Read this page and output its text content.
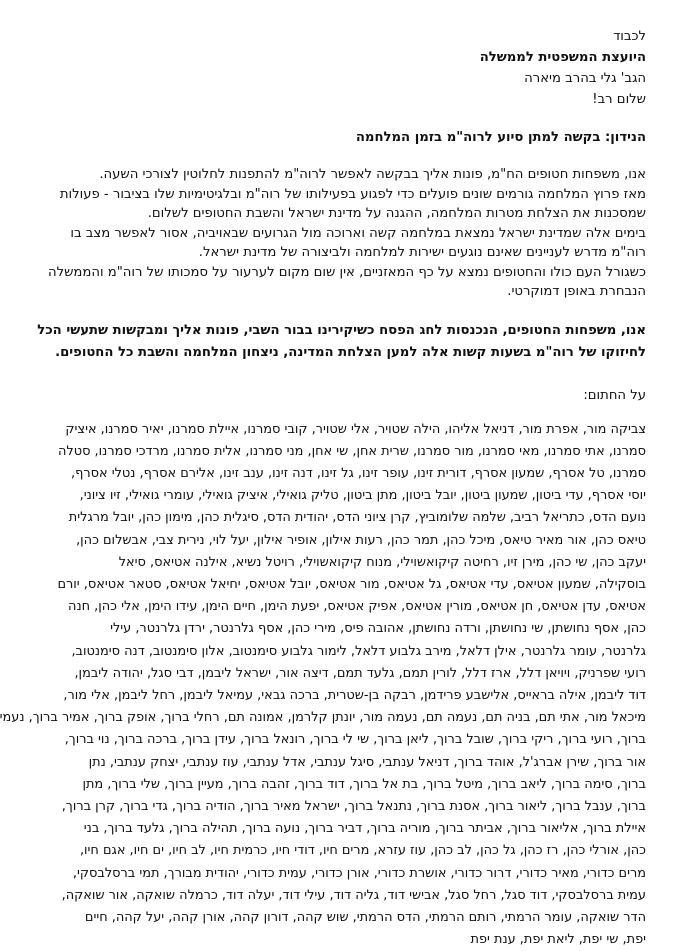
לכבוד
היועצת המשפטית לממשלה
הגב' גלי בהרב מיארה
שלום רב!
הנידון: בקשה למתן סיוע לרוה"מ בזמן המלחמה
אנו, משפחות חטופים הח"מ, פונות אליך בבקשה לאפשר לרוה"מ להתפנות לחלוטין לצורכי השעה.
מאז פרוץ המלחמה גורמים שונים פועלים כדי לפגוע בפעילותו של רוה"מ ובלגיטימיות שלו בציבור - פעולות
שמסכנות את הצלחת מטרות המלחמה, ההגנה על מדינת ישראל והשבת החטופים לשלום.
בימים אלה שמדינת ישראל נמצאת במלחמה קשה וארוכה מול הגרועים שבאויביה, אסור לאפשר מצב בו
רוה"מ מדרש לעניינים שאינם נוגעים ישירות למלחמה ולביצורה של מדינת ישראל.
כשגורל העם כולו והחטופים נמצא על כף המאזניים, אין שום מקום לערעור על סמכותו של רוה"מ והממשלה
הנבחרת באופן דמוקרטי.
אנו, משפחות החטופים, הנכנסות לחג הפסח כשיקירינו בבור השבי, פונות אליך ומבקשות שתעשי הכל
לחיזוקו של רוה"מ בשעות קשות אלה למען הצלחת המדינה, ניצחון המלחמה והשבת כל החטופים.
על החתום:
צביקה מור, אפרת מור, דניאל אליהו, הילה שטויר, אלי שטויר, קובי סמרנו, איילת סמרנו, יאיר סמרנו, איציק
סמרנו, אתי סמרנו, מאי סמרנו, מור סמרנו, שרית אחן, שי אחן, מני סמרנו, אלית סמרנו, מרדכי סמרנו, סטלה
סמרנו, טל אסרף, שמעון אסרף, דורית זינו, עופר זינו, גל זינו, דנה זינו, ענב זינו, אלירם אסרף, נטלי אסרף,
יוסי אסרף, עדי ביטון, שמעון ביטון, יובל ביטון, מתן ביטון, טליק גואילי, איציק גואילי, עומרי גואילי, זיו ציוני,
נועם הדס, כתריאל רביב, שלמה שלומוביץ, קרן ציוני הדס, יהודית הדס, סיגלית כהן, מימון כהן, יובל מרגלית
טיאס כהן, אור מאיר טיאס, מיכל כהן, תמר כהן, רעות אילון, אופיר אילון, יעל לוי, נירית צבי, אבשלום כהן,
יעקב כהן, שי כהן, מירן זיו, רחיטה קיקואשוילי, מנוח קיקואשוילי, רויטל נשיא, אילנה אטיאס, סיאל
בוסקילה, שמעון אטיאס, עדי אטיאס, גל אטיאס, מור אטיאס, יובל אטיאס, יחיאל אטיאס, סטאר אטיאס, יורם
אטיאס, עדן אטיאס, חן אטיאס, מורין אטיאס, אפיק אטיאס, יפעת הימן, חיים הימן, עידו הימן, אלי כהן, חנה
כהן, אסף נחושתן, שי נחושתן, ורדה נחושתן, אהובה פיס, מירי כהן, אסף גלרנטר, ירדן גלרנטר, עילי
גלרנטר, עומר גלרנטר, אילן דלאל, מירב גלבוע דלאל, לימור גלבוע סימנטוב, אלון סימנטוב, דנה סימנטוב,
רועי שפרניק, ויויאן דלל, ארז דלל, לורין תמם, גלעד תמם, דיצה אור, ישראל ליבמן, דבי סגל, יהודה ליבמן,
דוד ליבמן, אילה בראייס, אלישבע פרידמן, רבקה בן-שטרית, ברכה גבאי, עמיאל ליבמן, רחל ליבמן, אלי מור,
מיכאל מור, אתי תם, בניה תם, נעמה תם, נעמה מור, יונתן קלרמן, אמונה תם, רחלי ברוך, אופק ברוך, אמיר ברוך, נעמי
ברוך, רועי ברוך, ריקי ברוך, שובל ברוך, ליאן ברוך, שי לי ברוך, רונאל ברוך, עידן ברוך, ברכה ברוך, נוי ברוך,
אור ברוך, שירן אברג'ל, אוהד ברוך, דניאל ענתבי, סיגל ענתבי, אדל ענתבי, עוז ענתבי, יצחק ענתבי, נתן
ברוך, סימה ברוך, ליאב ברוך, מיטל ברוך, בת אל ברוך, דוד ברוך, זהבה ברוך, מעיין ברוך, שלי ברוך, מתן
ברוך, ענבל ברוך, ליאור ברוך, אסנת ברוך, נתנאל ברוך, ישראל מאיר ברוך, הודיה ברוך, גדי ברוך, קרן ברוך,
איילת ברוך, אליאור ברוך, אביתר ברוך, מוריה ברוך, דביר ברוך, נועה ברוך, תהילה ברוך, גלעד ברוך, בני
כהן, אורלי כהן, רז כהן, גל כהן, לב כהן, עוז עזרא, מרים חיו, דודי חיו, כרמית חיו, לב חיו, ים חיו, אגם חיו,
מרים כדורי, מאיר כדורי, דרור כדורי, אושרת כדורי, אורן כדורי, עמית כדורי, יהודית מבורך, תמי ברסלבסקי,
עמית ברסלבסקי, דוד סגל, רחל סגל, אבישי דוד, גליה דוד, עילי דוד, יעלה דוד, כרמלה שואקה, אור שואקה,
הדר שואקה, עומר הרמתי, רותם הרמתי, הדס הרמתי, שוש קהה, דורון קהה, אורן קהה, יעל קהה, חיים
יפת, שי יפת, ליאת יפת, ענת יפת
